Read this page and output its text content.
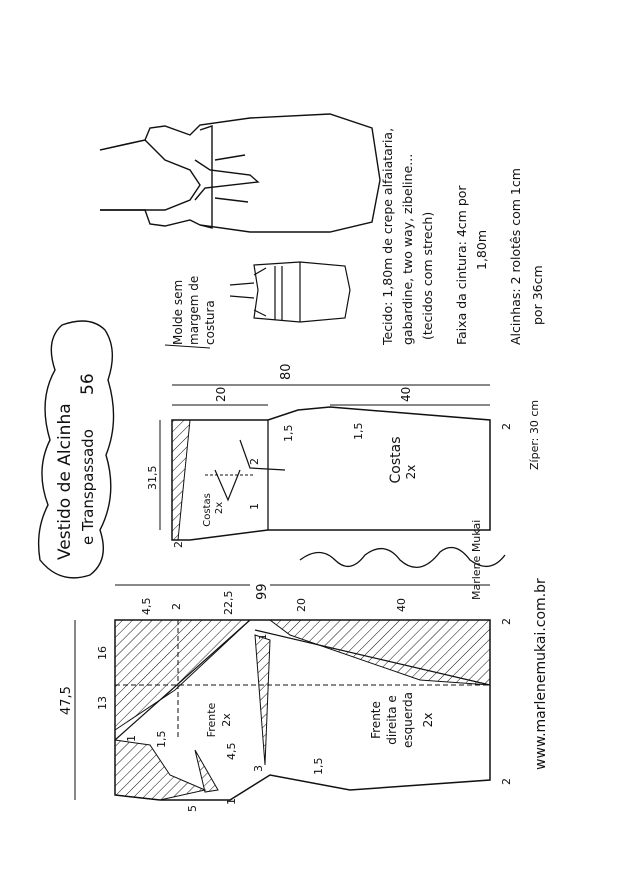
Vestido de Alcinha e Transpassado
56
Molde sem margem de costura	Tecido: 1,80m de crepe alfaiataria, gabardine, two way, zibeline... (tecidos com strech) Faixa da cintura: 4cm por 1,80m Alcinhas: 2 rolotês com 1cm por 36cm
Costas 2x
Costas 2x
80
20	40
31,5
2
2
1,5	1,5
2
1
Zíper: 30 cm
Marlene Mukai
Frente direita e esquerda 2x
Frente 2x
99
47,5
4,5 2	22,5	20	40
16
13
1 1,5
4,5
3	1,5
5
1
2
2
1	www.marlenemukai.com.br
